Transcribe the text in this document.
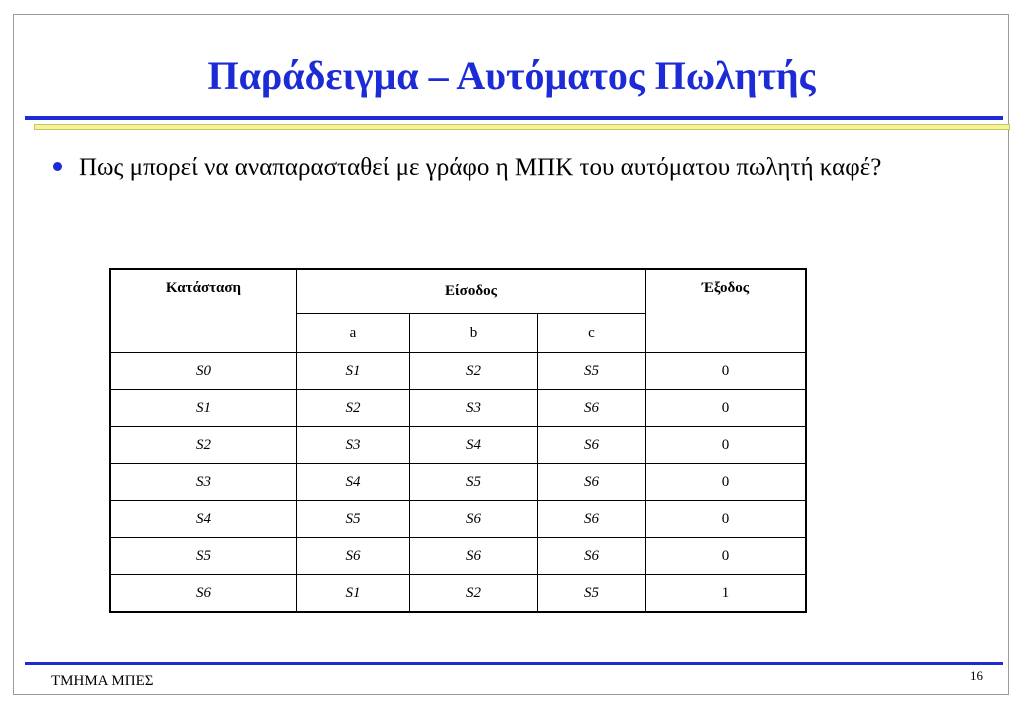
Παράδειγμα – Αυτόματος Πωλητής
Πως μπορεί να αναπαρασταθεί με γράφο η ΜΠΚ του αυτόματου πωλητή καφέ?
Κατάσταση	Είσοδος			Έξοδος
	a	b	c	
S0	S1	S2	S5	0
S1	S2	S3	S6	0
S2	S3	S4	S6	0
S3	S4	S5	S6	0
S4	S5	S6	S6	0
S5	S6	S6	S6	0
S6	S1	S2	S5	1
ΤΜΗΜΑ ΜΠΕΣ	16
